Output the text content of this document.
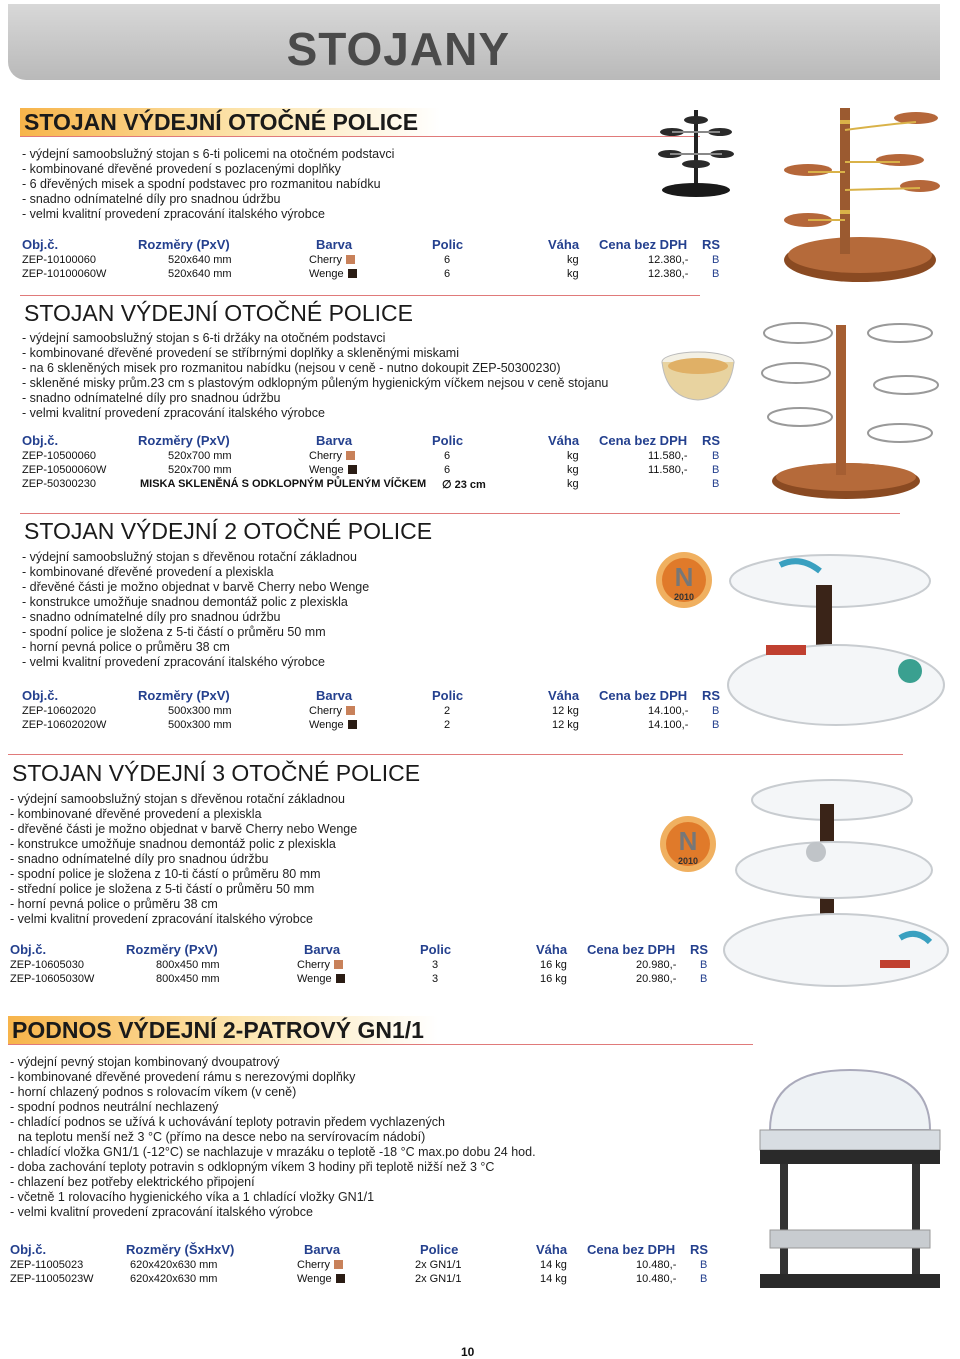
STOJANY
STOJAN VÝDEJNÍ OTOČNÉ POLICE
- výdejní samoobslužný stojan s 6-ti policemi na otočném podstavci
- kombinované dřevěné provedení s pozlacenými doplňky
- 6 dřevěných misek a spodní podstavec pro rozmanitou nabídku
- snadno odnímatelné díly pro snadnou údržbu
- velmi kvalitní provedení zpracování italského výrobce
Obj.č.	Rozměry (PxV)	Barva	Polic	Váha Cena bez DPH RS
ZEP-10100060	520x640 mm	Cherry	6	kg	12.380,- B
ZEP-10100060W	520x640 mm	Wenge	6	kg	12.380,- B
STOJAN VÝDEJNÍ OTOČNÉ POLICE
- výdejní samoobslužný stojan s 6-ti držáky na otočném podstavci
- kombinované dřevěné provedení se stříbrnými doplňky a skleněnými miskami
- na 6 skleněných misek pro rozmanitou nabídku (nejsou v ceně - nutno dokoupit ZEP-50300230)
- skleněné misky prům.23 cm s plastovým odklopným půleným hygienickým víčkem nejsou v ceně stojanu
- snadno odnímatelné díly pro snadnou údržbu
- velmi kvalitní provedení zpracování italského výrobce
Obj.č.	Rozměry (PxV)	Barva	Polic	Váha Cena bez DPH RS
ZEP-10500060	520x700 mm	Cherry	6	kg	11.580,- B
ZEP-10500060W	520x700 mm	Wenge	6	kg	11.580,- B
ZEP-50300230	MISKA SKLENĚNÁ S ODKLOPNÝM PŮLENÝM VÍČKEM ∅ 23 cm	kg	B
STOJAN VÝDEJNÍ 2 OTOČNÉ POLICE
- výdejní samoobslužný stojan s dřevěnou rotační základnou
- kombinované dřevěné provedení a plexiskla
- dřevěné části je možno objednat v barvě Cherry nebo Wenge
- konstrukce umožňuje snadnou demontáž polic z plexiskla
- snadno odnímatelné díly pro snadnou údržbu
- spodní police je složena z 5-ti částí o průměru 50 mm
- horní pevná police o průměru 38 cm
- velmi kvalitní provedení zpracování italského výrobce
Obj.č.	Rozměry (PxV)	Barva	Polic	Váha Cena bez DPH RS
ZEP-10602020	500x300 mm	Cherry	2	12 kg	14.100,- B
ZEP-10602020W	500x300 mm	Wenge	2	12 kg	14.100,- B
N
2010
STOJAN VÝDEJNÍ 3 OTOČNÉ POLICE
- výdejní samoobslužný stojan s dřevěnou rotační základnou
- kombinované dřevěné provedení a plexiskla
- dřevěné části je možno objednat v barvě Cherry nebo Wenge
- konstrukce umožňuje snadnou demontáž polic z plexiskla
- snadno odnímatelné díly pro snadnou údržbu
- spodní police je složena z 10-ti částí o průměru 80 mm
- střední police je složena z 5-ti částí o průměru 50 mm
- horní pevná police o průměru 38 cm
- velmi kvalitní provedení zpracování italského výrobce
Obj.č.	Rozměry (PxV)	Barva	Polic	Váha Cena bez DPH RS
ZEP-10605030	800x450 mm	Cherry	3	16 kg	20.980,- B
ZEP-10605030W	800x450 mm	Wenge	3	16 kg	20.980,- B
N
2010
PODNOS VÝDEJNÍ 2-PATROVÝ GN1/1
- výdejní pevný stojan kombinovaný dvoupatrový
- kombinované dřevěné provedení rámu s nerezovými doplňky
- horní chlazený podnos s rolovacím víkem (v ceně)
- spodní podnos neutrální nechlazený
- chladící podnos se užívá k uchovávání teploty potravin předem vychlazených
na teplotu menší než 3 °C (přímo na desce nebo na servírovacím nádobí)
- chladící vložka GN1/1 (-12°C) se nachlazuje v mrazáku o teplotě -18 °C max.po dobu 24 hod.
- doba zachování teploty potravin s odklopným víkem 3 hodiny při teplotě nižší než 3 °C
- chlazení bez potřeby elektrického připojení
- včetně 1 rolovacího hygienického víka a 1 chladící vložky GN1/1
- velmi kvalitní provedení zpracování italského výrobce
Obj.č.	Rozměry (ŠxHxV)	Barva	Police	Váha Cena bez DPH RS
ZEP-11005023	620x420x630 mm	Cherry	2x GN1/1	14 kg	10.480,- B
ZEP-11005023W	620x420x630 mm	Wenge	2x GN1/1	14 kg	10.480,- B
10
